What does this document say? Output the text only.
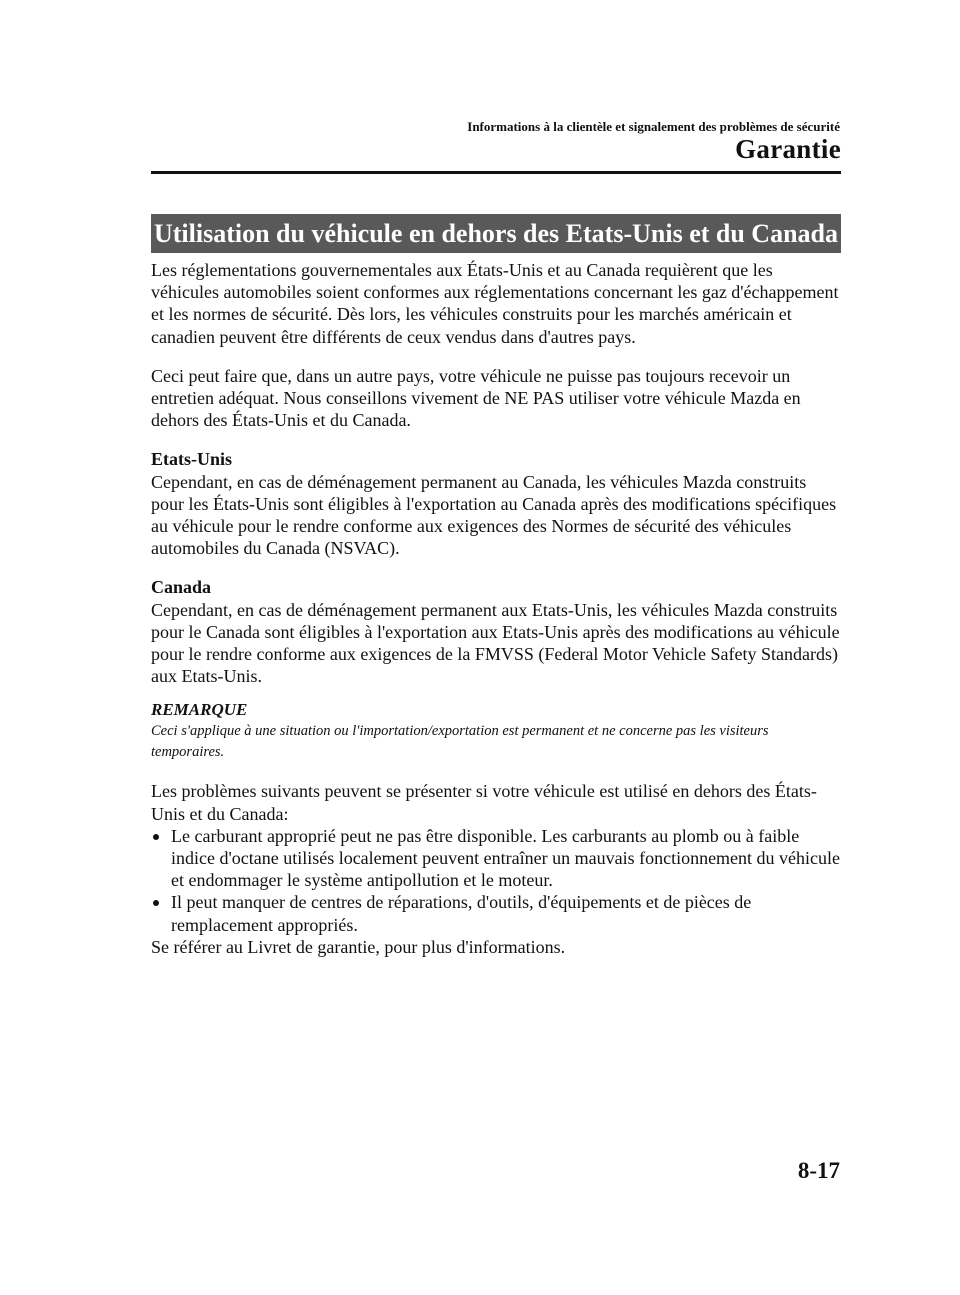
Informations à la clientèle et signalement des problèmes de sécurité
Garantie
Utilisation du véhicule en dehors des Etats-Unis et du Canada

Les réglementations gouvernementales aux États-Unis et au Canada requièrent que les véhicules automobiles soient conformes aux réglementations concernant les gaz d'échappement et les normes de sécurité. Dès lors, les véhicules construits pour les marchés américain et canadien peuvent être différents de ceux vendus dans d'autres pays.

Ceci peut faire que, dans un autre pays, votre véhicule ne puisse pas toujours recevoir un entretien adéquat. Nous conseillons vivement de NE PAS utiliser votre véhicule Mazda en dehors des États-Unis et du Canada.

Etats-Unis

Cependant, en cas de déménagement permanent au Canada, les véhicules Mazda construits pour les États-Unis sont éligibles à l'exportation au Canada après des modifications spécifiques au véhicule pour le rendre conforme aux exigences des Normes de sécurité des véhicules automobiles du Canada (NSVAC).

Canada

Cependant, en cas de déménagement permanent aux Etats-Unis, les véhicules Mazda construits pour le Canada sont éligibles à l'exportation aux Etats-Unis après des modifications au véhicule pour le rendre conforme aux exigences de la FMVSS (Federal Motor Vehicle Safety Standards) aux Etats-Unis.

REMARQUE

Ceci s'applique à une situation ou l'importation/exportation est permanent et ne concerne pas les visiteurs temporaires.

Les problèmes suivants peuvent se présenter si votre véhicule est utilisé en dehors des États-Unis et du Canada:

Le carburant approprié peut ne pas être disponible. Les carburants au plomb ou à faible indice d'octane utilisés localement peuvent entraîner un mauvais fonctionnement du véhicule et endommager le système antipollution et le moteur.
Il peut manquer de centres de réparations, d'outils, d'équipements et de pièces de remplacement appropriés.

Se référer au Livret de garantie, pour plus d'informations.

8-17
